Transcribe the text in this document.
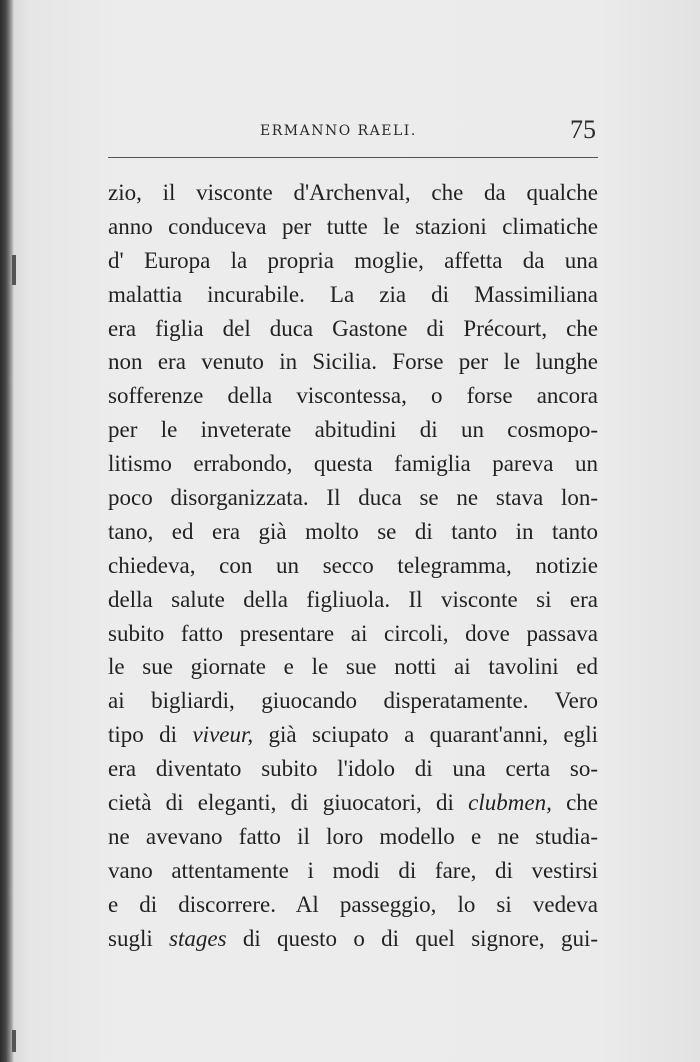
ERMANNO RAELI.	75
zio, il visconte d'Archenval, che da qualche
anno conduceva per tutte le stazioni climatiche
d' Europa la propria moglie, affetta da una
malattia incurabile. La zia di Massimiliana
era figlia del duca Gastone di Précourt, che
non era venuto in Sicilia. Forse per le lunghe
sofferenze della viscontessa, o forse ancora
per le inveterate abitudini di un cosmopo-
litismo errabondo, questa famiglia pareva un
poco disorganizzata. Il duca se ne stava lon-
tano, ed era già molto se di tanto in tanto
chiedeva, con un secco telegramma, notizie
della salute della figliuola. Il visconte si era
subito fatto presentare ai circoli, dove passava
le sue giornate e le sue notti ai tavolini ed
ai bigliardi, giuocando disperatamente. Vero
tipo di viveur, già sciupato a quarant'anni, egli
era diventato subito l'idolo di una certa so-
cietà di eleganti, di giuocatori, di clubmen, che
ne avevano fatto il loro modello e ne studia-
vano attentamente i modi di fare, di vestirsi
e di discorrere. Al passeggio, lo si vedeva
sugli stages di questo o di quel signore, gui-
